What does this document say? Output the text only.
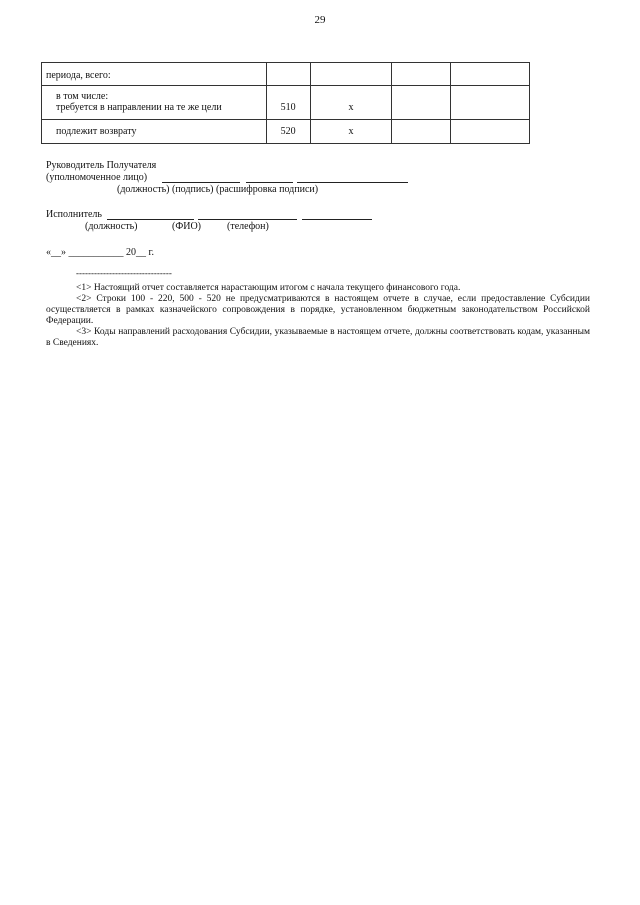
29
периода, всего:				

в том числе:
требуется в направлении на те же цели	510	x		
подлежит возврату	520	x		
Руководитель Получателя
(уполномоченное лицо)
(должность) (подпись) (расшифровка подписи)
Исполнитель
(должность)	(ФИО)	(телефон)
«__» ___________ 20__ г.
--------------------------------

<1> Настоящий отчет составляется нарастающим итогом с начала текущего финансового года.

<2> Строки 100 - 220, 500 - 520 не предусматриваются в настоящем отчете в случае, если предоставление Субсидии осуществляется в рамках казначейского сопровождения в порядке, установленном бюджетным законодательством Российской Федерации.

<3> Коды направлений расходования Субсидии, указываемые в настоящем отчете, должны соответствовать кодам, указанным в Сведениях.
